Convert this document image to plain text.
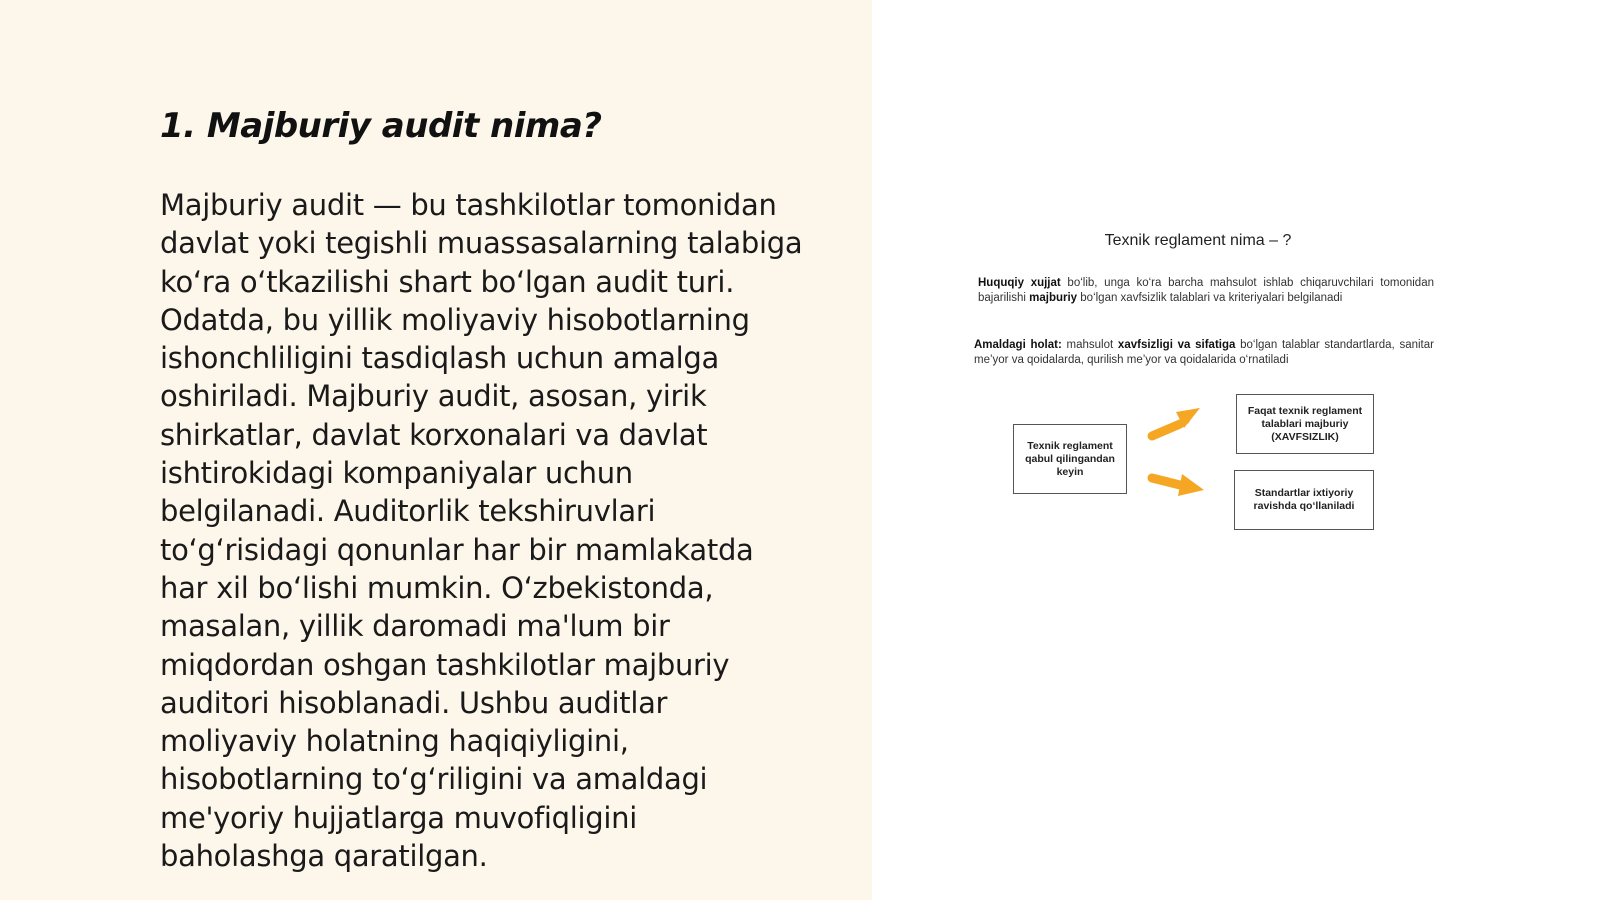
1. Majburiy audit nima?

Majburiy audit — bu tashkilotlar tomonidan
davlat yoki tegishli muassasalarning talabiga
ko‘ra o‘tkazilishi shart bo‘lgan audit turi.
Odatda, bu yillik moliyaviy hisobotlarning
ishonchliligini tasdiqlash uchun amalga
oshiriladi. Majburiy audit, asosan, yirik
shirkatlar, davlat korxonalari va davlat
ishtirokidagi kompaniyalar uchun
belgilanadi. Auditorlik tekshiruvlari
to‘g‘risidagi qonunlar har bir mamlakatda
har xil bo‘lishi mumkin. O‘zbekistonda,
masalan, yillik daromadi ma'lum bir
miqdordan oshgan tashkilotlar majburiy
auditori hisoblanadi. Ushbu auditlar
moliyaviy holatning haqiqiyligini,
hisobotlarning to‘g‘riligini va amaldagi
me'yoriy hujjatlarga muvofiqligini
baholashga qaratilgan.

Texnik reglament nima – ?
Huquqiy xujjat bo‘lib, unga ko‘ra barcha mahsulot ishlab chiqaruvchilari tomonidan bajarilishi majburiy bo‘lgan xavfsizlik talablari va kriteriyalari belgilanadi
Amaldagi holat: mahsulot xavfsizligi va sifatiga bo‘lgan talablar standartlarda, sanitar me’yor va qoidalarda, qurilish me’yor va qoidalarida o‘rnatiladi
Texnik reglament qabul qilingandan keyin
Faqat texnik reglament talablari majburiy (XAVFSIZLIK)
Standartlar ixtiyoriy ravishda qo‘llaniladi
